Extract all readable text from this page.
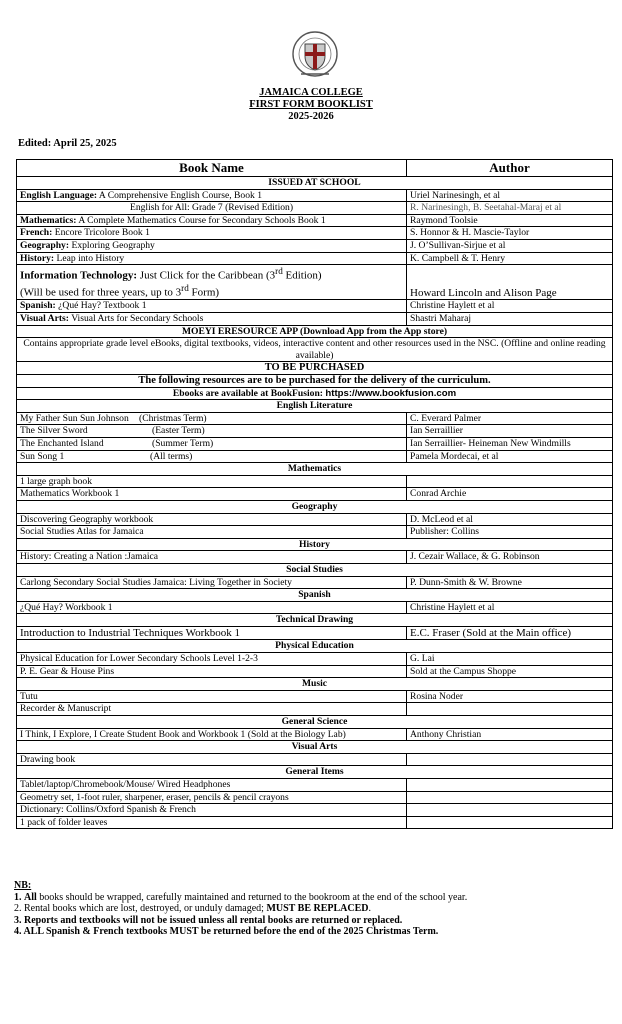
JAMAICA COLLEGE
FIRST FORM BOOKLIST
2025-2026
Edited: April 25, 2025
Book Name	Author
ISSUED AT SCHOOL	
English Language: A Comprehensive English Course, Book 1	Uriel Narinesingh, et al
English for All: Grade 7 (Revised Edition)	R. Narinesingh, B. Seetahal-Maraj et al
Mathematics: A Complete Mathematics Course for Secondary Schools Book 1	Raymond Toolsie
French: Encore Tricolore Book 1	S. Honnor & H. Mascie-Taylor
Geography: Exploring Geography	J. O’Sullivan-Sirjue et al
History: Leap into History	K. Campbell & T. Henry
Information Technology: Just Click for the Caribbean (3rd Edition)
(Will be used for three years, up to 3rd Form)	Howard Lincoln and Alison Page
Spanish: ¿Qué Hay? Textbook 1	Christine Haylett et al
Visual Arts: Visual Arts for Secondary Schools	Shastri Maharaj
MOEYI ERESOURCE APP (Download App from the App store)	
Contains appropriate grade level eBooks, digital textbooks, videos, interactive content and other resources used in the NSC. (Offline and online reading available)	
TO BE PURCHASED	
The following resources are to be purchased for the delivery of the curriculum.	
Ebooks are available at BookFusion: https://www.bookfusion.com	
English Literature	
My Father Sun Sun Johnson (Christmas Term)	C. Everard Palmer
The Silver Sword (Easter Term)	Ian Serraillier
The Enchanted Island (Summer Term)	Ian Serraillier- Heineman New Windmills
Sun Song 1 (All terms)	Pamela Mordecai, et al
Mathematics	
1 large graph book	
Mathematics Workbook 1	Conrad Archie
Geography	
Discovering Geography workbook	D. McLeod et al
Social Studies Atlas for Jamaica	Publisher: Collins
History	
History: Creating a Nation :Jamaica	J. Cezair Wallace, & G. Robinson
Social Studies	
Carlong Secondary Social Studies Jamaica: Living Together in Society	P. Dunn-Smith & W. Browne
Spanish	
¿Qué Hay? Workbook 1	Christine Haylett et al
Technical Drawing	
Introduction to Industrial Techniques Workbook 1	E.C. Fraser (Sold at the Main office)
Physical Education	
Physical Education for Lower Secondary Schools Level 1-2-3	G. Lai
P. E. Gear & House Pins	Sold at the Campus Shoppe
Music	
Tutu	Rosina Noder
Recorder & Manuscript	
General Science	
I Think, I Explore, I Create Student Book and Workbook 1 (Sold at the Biology Lab)	Anthony Christian
Visual Arts	
Drawing book	
General Items	
Tablet/laptop/Chromebook/Mouse/ Wired Headphones	
Geometry set, 1-foot ruler, sharpener, eraser, pencils & pencil crayons	
Dictionary: Collins/Oxford Spanish & French	
1 pack of folder leaves	
NB:
1. All books should be wrapped, carefully maintained and returned to the bookroom at the end of the school year.
2. Rental books which are lost, destroyed, or unduly damaged; MUST BE REPLACED.
3. Reports and textbooks will not be issued unless all rental books are returned or replaced.
4. ALL Spanish & French textbooks MUST be returned before the end of the 2025 Christmas Term.
